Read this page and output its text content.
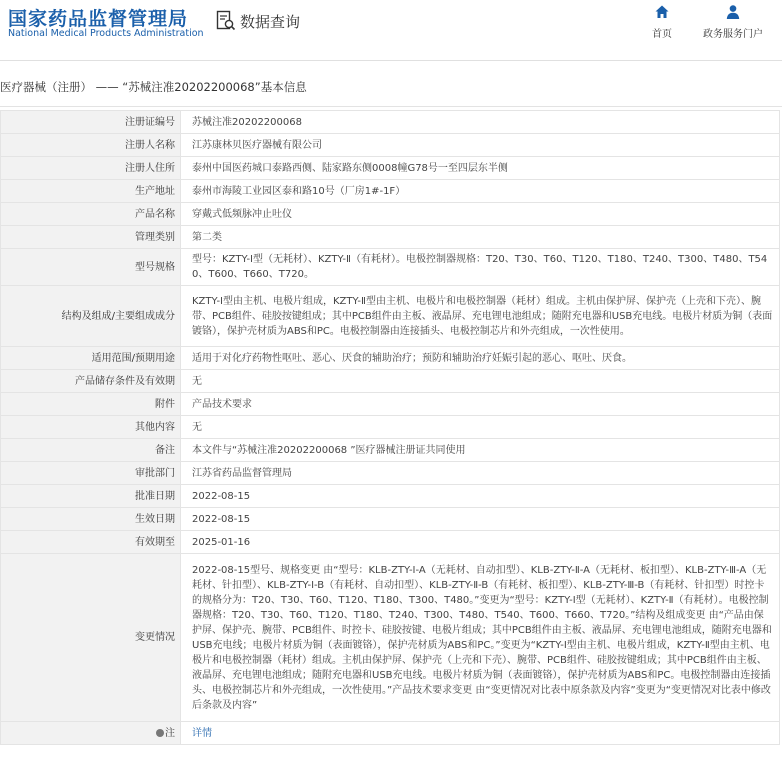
国家药品监督管理局
National Medical Products Administration
数据查询
首页	政务服务门户
医疗器械（注册） —— “苏械注准20202200068”基本信息
注册证编号	苏械注准20202200068
注册人名称	江苏康林贝医疗器械有限公司
注册人住所	泰州中国医药城口泰路西侧、陆家路东侧0008幢G78号一至四层东半侧
生产地址	泰州市海陵工业园区泰和路10号（厂房1#-1F）
产品名称	穿戴式低频脉冲止吐仪
管理类别	第二类
型号规格	型号：KZTY-Ⅰ型（无耗材）、KZTY-Ⅱ（有耗材）。电极控制器规格：T20、T30、T60、T120、T180、T240、T300、T480、T540、T600、T660、T720。
结构及组成/主要组成成分	KZTY-Ⅰ型由主机、电极片组成，KZTY-Ⅱ型由主机、电极片和电极控制器（耗材）组成。主机由保护屏、保护壳（上壳和下壳）、腕带、PCB组件、硅胶按键组成；其中PCB组件由主板、液晶屏、充电锂电池组成；随附充电器和USB充电线。电极片材质为铜（表面镀铬），保护壳材质为ABS和PC。电极控制器由连接插头、电极控制芯片和外壳组成，一次性使用。
适用范围/预期用途	适用于对化疗药物性呕吐、恶心、厌食的辅助治疗；预防和辅助治疗妊娠引起的恶心、呕吐、厌食。
产品储存条件及有效期	无
附件	产品技术要求
其他内容	无
备注	本文件与“苏械注准20202200068 ”医疗器械注册证共同使用
审批部门	江苏省药品监督管理局
批准日期	2022-08-15
生效日期	2022-08-15
有效期至	2025-01-16
变更情况	2022-08-15型号、规格变更 由“型号：KLB-ZTY-Ⅰ-A（无耗材、自动扣型）、KLB-ZTY-Ⅱ-A（无耗材、板扣型）、KLB-ZTY-Ⅲ-A（无耗材、针扣型）、KLB-ZTY-Ⅰ-B（有耗材、自动扣型）、KLB-ZTY-Ⅱ-B（有耗材、板扣型）、KLB-ZTY-Ⅲ-B（有耗材、针扣型）时控卡的规格分为：T20、T30、T60、T120、T180、T300、T480。”变更为“型号：KZTY-Ⅰ型（无耗材）、KZTY-Ⅱ（有耗材）。电极控制器规格：T20、T30、T60、T120、T180、T240、T300、T480、T540、T600、T660、T720。”结构及组成变更 由“产品由保护屏、保护壳、腕带、PCB组件、时控卡、硅胶按键、电极片组成；其中PCB组件由主板、液晶屏、充电锂电池组成，随附充电器和USB充电线；电极片材质为铜（表面镀铬），保护壳材质为ABS和PC。”变更为“KZTY-Ⅰ型由主机、电极片组成，KZTY-Ⅱ型由主机、电极片和电极控制器（耗材）组成。主机由保护屏、保护壳（上壳和下壳）、腕带、PCB组件、硅胶按键组成；其中PCB组件由主板、液晶屏、充电锂电池组成；随附充电器和USB充电线。电极片材质为铜（表面镀铬），保护壳材质为ABS和PC。电极控制器由连接插头、电极控制芯片和外壳组成，一次性使用。”产品技术要求变更 由“变更情况对比表中原条款及内容”变更为“变更情况对比表中修改后条款及内容”
注	详情
